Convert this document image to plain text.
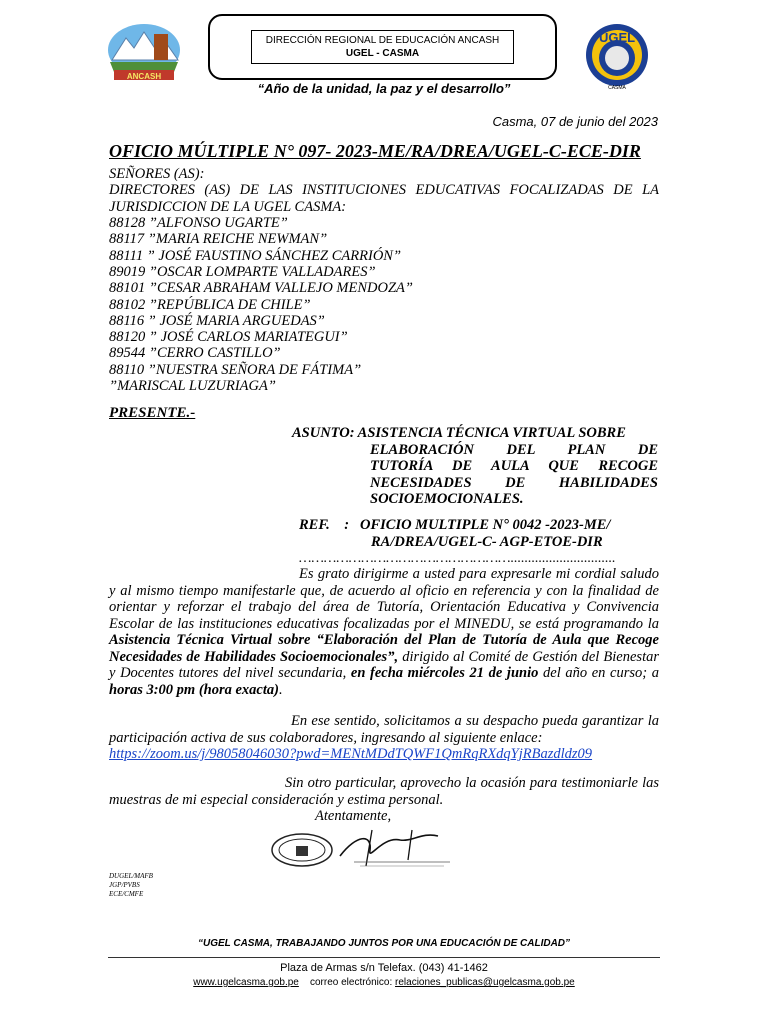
ANCASH
DIRECCIÓN REGIONAL DE EDUCACIÓN ANCASH
UGEL - CASMA
UGEL
CASMA
“Año de la unidad, la paz y el desarrollo”
Casma, 07 de junio del 2023
OFICIO MÚLTIPLE N° 097- 2023-ME/RA/DREA/UGEL-C-ECE-DIR
SEÑORES (AS):
DIRECTORES (AS) DE LAS INSTITUCIONES EDUCATIVAS FOCALIZADAS DE LA JURISDICCION DE LA UGEL CASMA:
88128 ”ALFONSO UGARTE”
88117 ”MARIA REICHE NEWMAN”
88111 ” JOSÉ FAUSTINO SÁNCHEZ CARRIÓN”
89019 ”OSCAR LOMPARTE VALLADARES”
88101 ”CESAR ABRAHAM VALLEJO MENDOZA”
88102 ”REPÚBLICA DE CHILE”
88116 ” JOSÉ MARIA ARGUEDAS”
88120 ” JOSÉ CARLOS MARIATEGUI”
89544 ”CERRO CASTILLO”
88110 ”NUESTRA SEÑORA DE FÁTIMA”
”MARISCAL LUZURIAGA”
PRESENTE.-
ASUNTO: ASISTENCIA TÉCNICA VIRTUAL SOBRE
ELABORACIÓN DEL PLAN DE
TUTORÍA DE AULA QUE RECOGE
NECESIDADES DE HABILIDADES
SOCIOEMOCIONALES.
REF.    : OFICIO MULTIPLE N° 0042 -2023-ME/
RA/DREA/UGEL-C- AGP-ETOE-DIR
……………………………………………..............................
Es grato dirigirme a usted para expresarle mi cordial saludo y al mismo tiempo manifestarle que, de acuerdo al oficio en referencia y con la finalidad de orientar y reforzar el trabajo del área de Tutoría, Orientación Educativa y Convivencia Escolar de las instituciones educativas focalizadas por el MINEDU, se está programando la Asistencia Técnica Virtual sobre “Elaboración del Plan de Tutoría de Aula que Recoge Necesidades de Habilidades Socioemocionales”, dirigido al Comité de Gestión del Bienestar y Docentes tutores del nivel secundaria, en fecha miércoles 21 de junio del año en curso; a horas 3:00 pm (hora exacta).
En ese sentido, solicitamos a su despacho pueda garantizar la participación activa de sus colaboradores, ingresando al siguiente enlace:
https://zoom.us/j/98058046030?pwd=MENtMDdTQWF1QmRqRXdqYjRBazdldz09
Sin otro particular, aprovecho la ocasión para testimoniarle las muestras de mi especial consideración y estima personal.
Atentamente,
DUGEL/MAFB
JGP/PVBS
ECE/CMFE
“UGEL CASMA, TRABAJANDO JUNTOS POR UNA EDUCACIÓN DE CALIDAD”
Plaza de Armas s/n Telefax. (043) 41-1462
www.ugelcasma.gob.pe correo electrónico: relaciones_publicas@ugelcasma.gob.pe
